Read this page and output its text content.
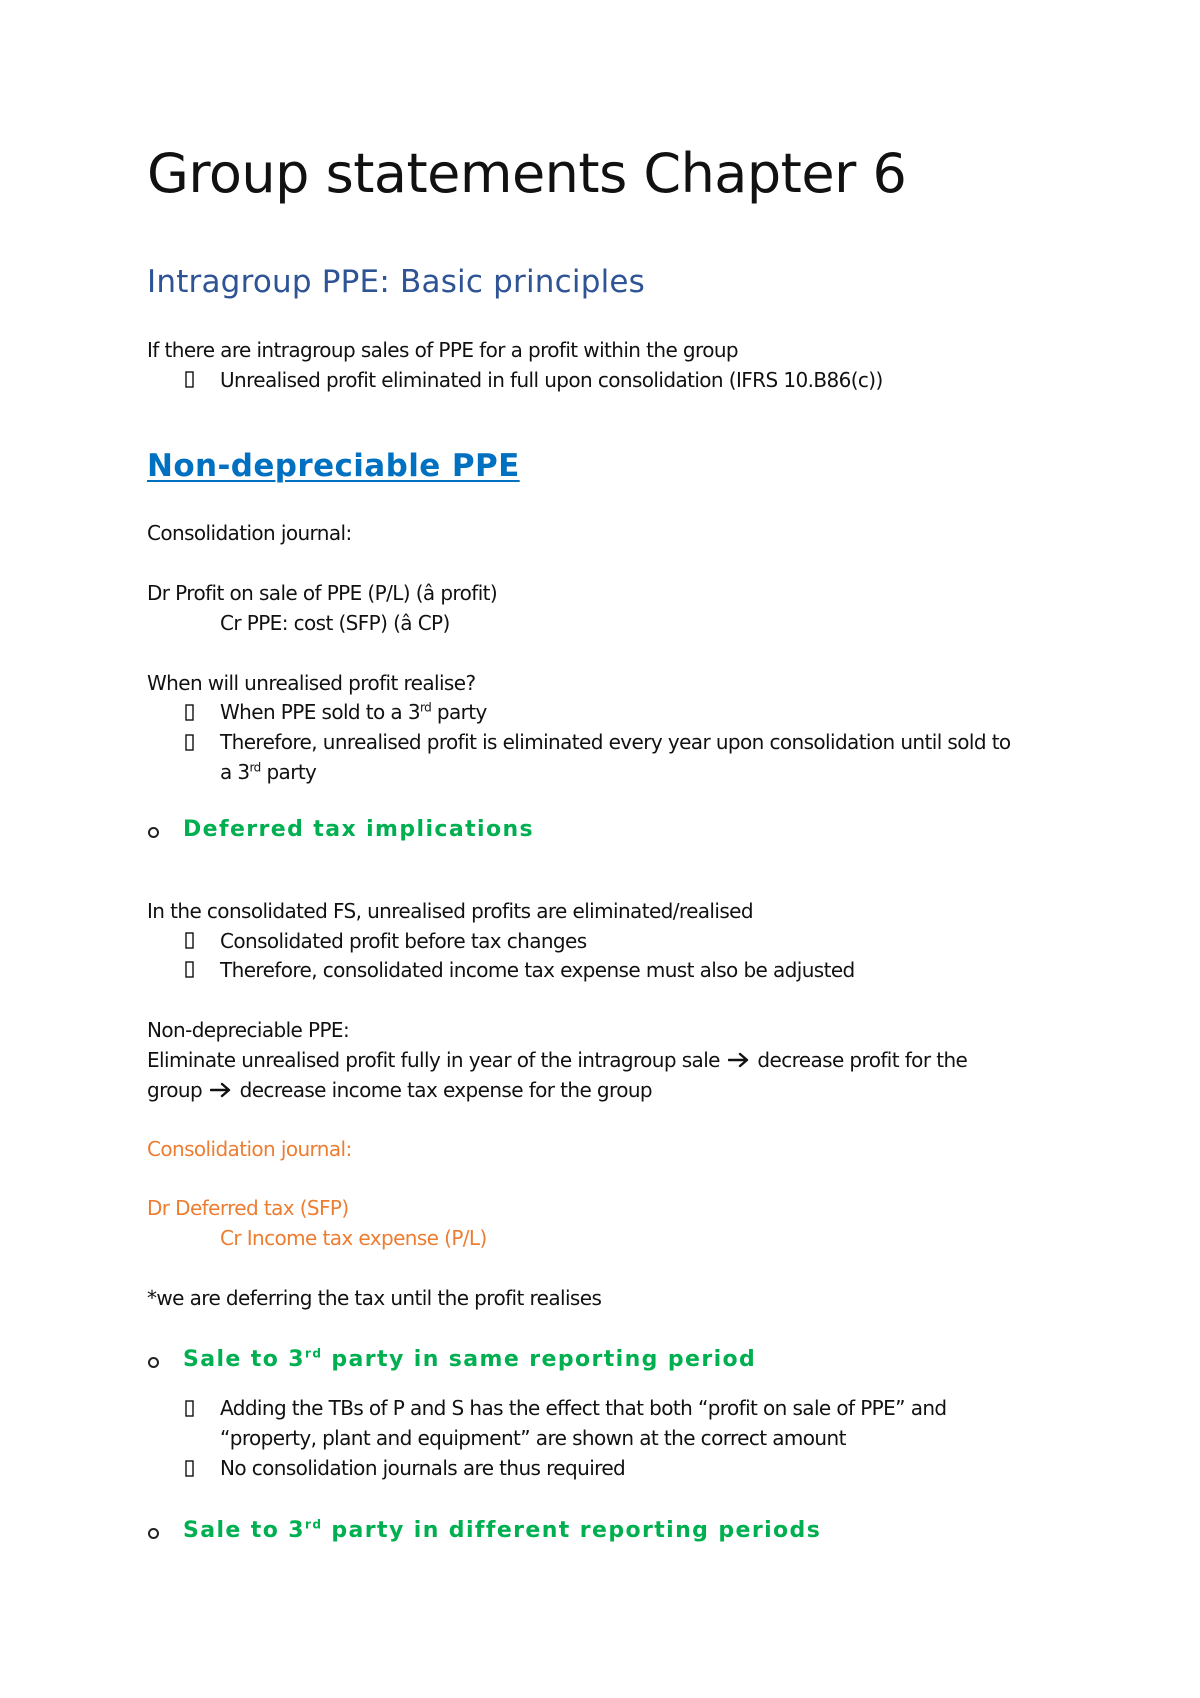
Group statements Chapter 6
Intragroup PPE: Basic principles
If there are intragroup sales of PPE for a profit within the group
Unrealised profit eliminated in full upon consolidation (IFRS 10.B86(c))
Non-depreciable PPE
Consolidation journal:
Dr Profit on sale of PPE (P/L) (â profit)
Cr PPE: cost (SFP) (â CP)
When will unrealised profit realise?
When PPE sold to a 3rd party
Therefore, unrealised profit is eliminated every year upon consolidation until sold to
a 3rd party
Deferred tax implications
In the consolidated FS, unrealised profits are eliminated/realised
Consolidated profit before tax changes
Therefore, consolidated income tax expense must also be adjusted
Non-depreciable PPE:
Eliminate unrealised profit fully in year of the intragroup sale decrease profit for the
group decrease income tax expense for the group
Consolidation journal:
Dr Deferred tax (SFP)
Cr Income tax expense (P/L)
*we are deferring the tax until the profit realises
Sale to 3rd party in same reporting period
Adding the TBs of P and S has the effect that both “profit on sale of PPE” and
“property, plant and equipment” are shown at the correct amount
No consolidation journals are thus required
Sale to 3rd party in different reporting periods
